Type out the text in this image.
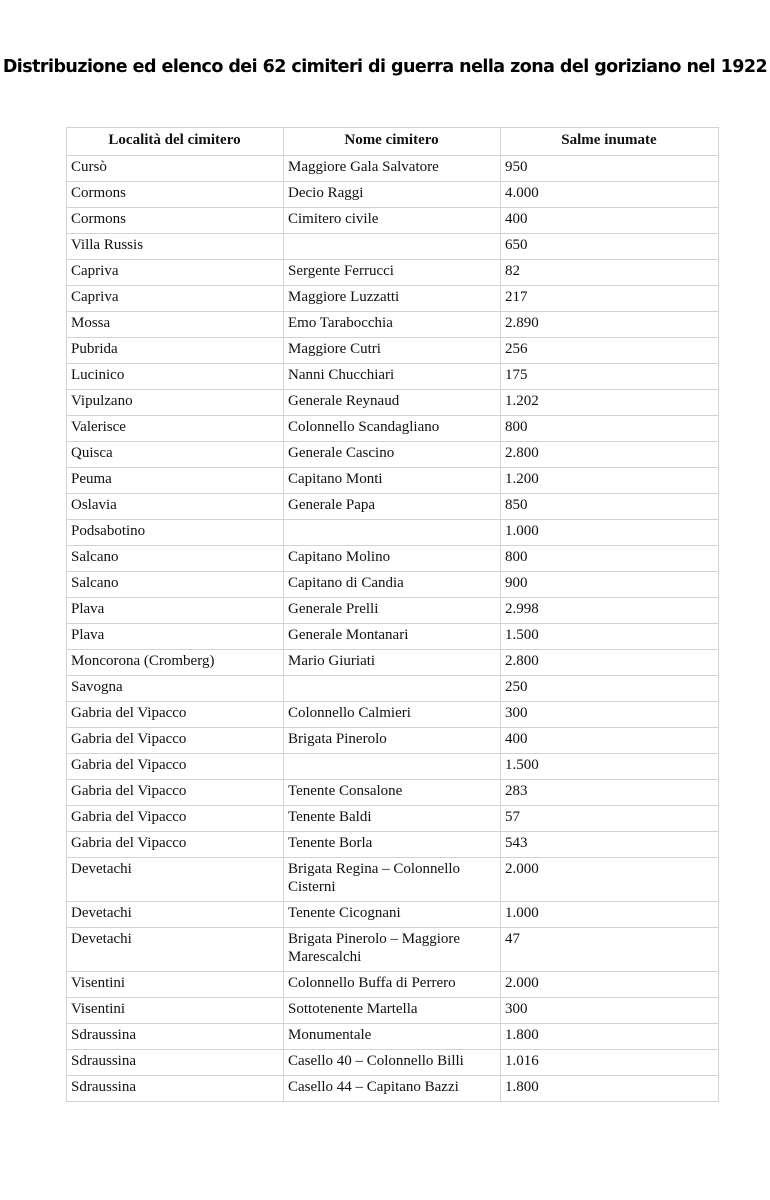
Distribuzione ed elenco dei 62 cimiteri di guerra nella zona del goriziano nel 1922
Località del cimitero	Nome cimitero	Salme inumate
Cursò	Maggiore Gala Salvatore	950
Cormons	Decio Raggi	4.000
Cormons	Cimitero civile	400
Villa Russis		650
Capriva	Sergente Ferrucci	82
Capriva	Maggiore Luzzatti	217
Mossa	Emo Tarabocchia	2.890
Pubrida	Maggiore Cutri	256
Lucinico	Nanni Chucchiari	175
Vipulzano	Generale Reynaud	1.202
Valerisce	Colonnello Scandagliano	800
Quisca	Generale Cascino	2.800
Peuma	Capitano Monti	1.200
Oslavia	Generale Papa	850
Podsabotino		1.000
Salcano	Capitano Molino	800
Salcano	Capitano di Candia	900
Plava	Generale Prelli	2.998
Plava	Generale Montanari	1.500
Moncorona (Cromberg)	Mario Giuriati	2.800
Savogna		250
Gabria del Vipacco	Colonnello Calmieri	300
Gabria del Vipacco	Brigata Pinerolo	400
Gabria del Vipacco		1.500
Gabria del Vipacco	Tenente Consalone	283
Gabria del Vipacco	Tenente Baldi	57
Gabria del Vipacco	Tenente Borla	543
Devetachi	Brigata Regina – Colonnello Cisterni	2.000
Devetachi	Tenente Cicognani	1.000
Devetachi	Brigata Pinerolo – Maggiore Marescalchi	47
Visentini	Colonnello Buffa di Perrero	2.000
Visentini	Sottotenente Martella	300
Sdraussina	Monumentale	1.800
Sdraussina	Casello 40 – Colonnello Billi	1.016
Sdraussina	Casello 44 – Capitano Bazzi	1.800
